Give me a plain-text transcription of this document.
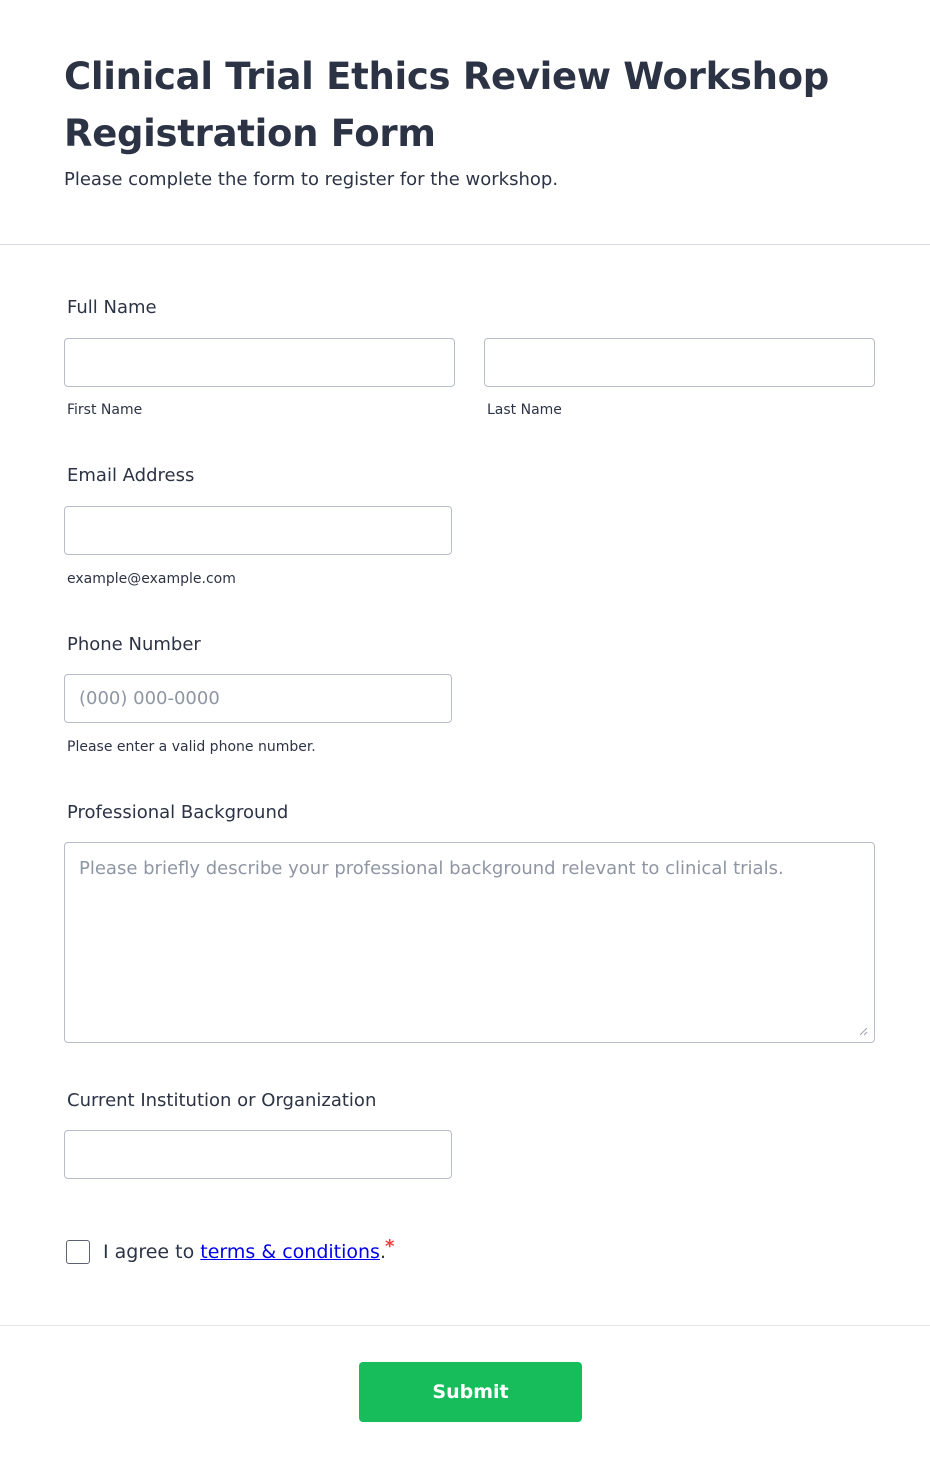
Clinical Trial Ethics Review Workshop Registration Form

Please complete the form to register for the workshop.

Full Name
First Name	Last Name
Email Address
example@example.com
Phone Number
(000) 000-0000
Please enter a valid phone number.
Professional Background
Please briefly describe your professional background relevant to clinical trials.
Current Institution or Organization
I agree to terms & conditions. *
Submit
